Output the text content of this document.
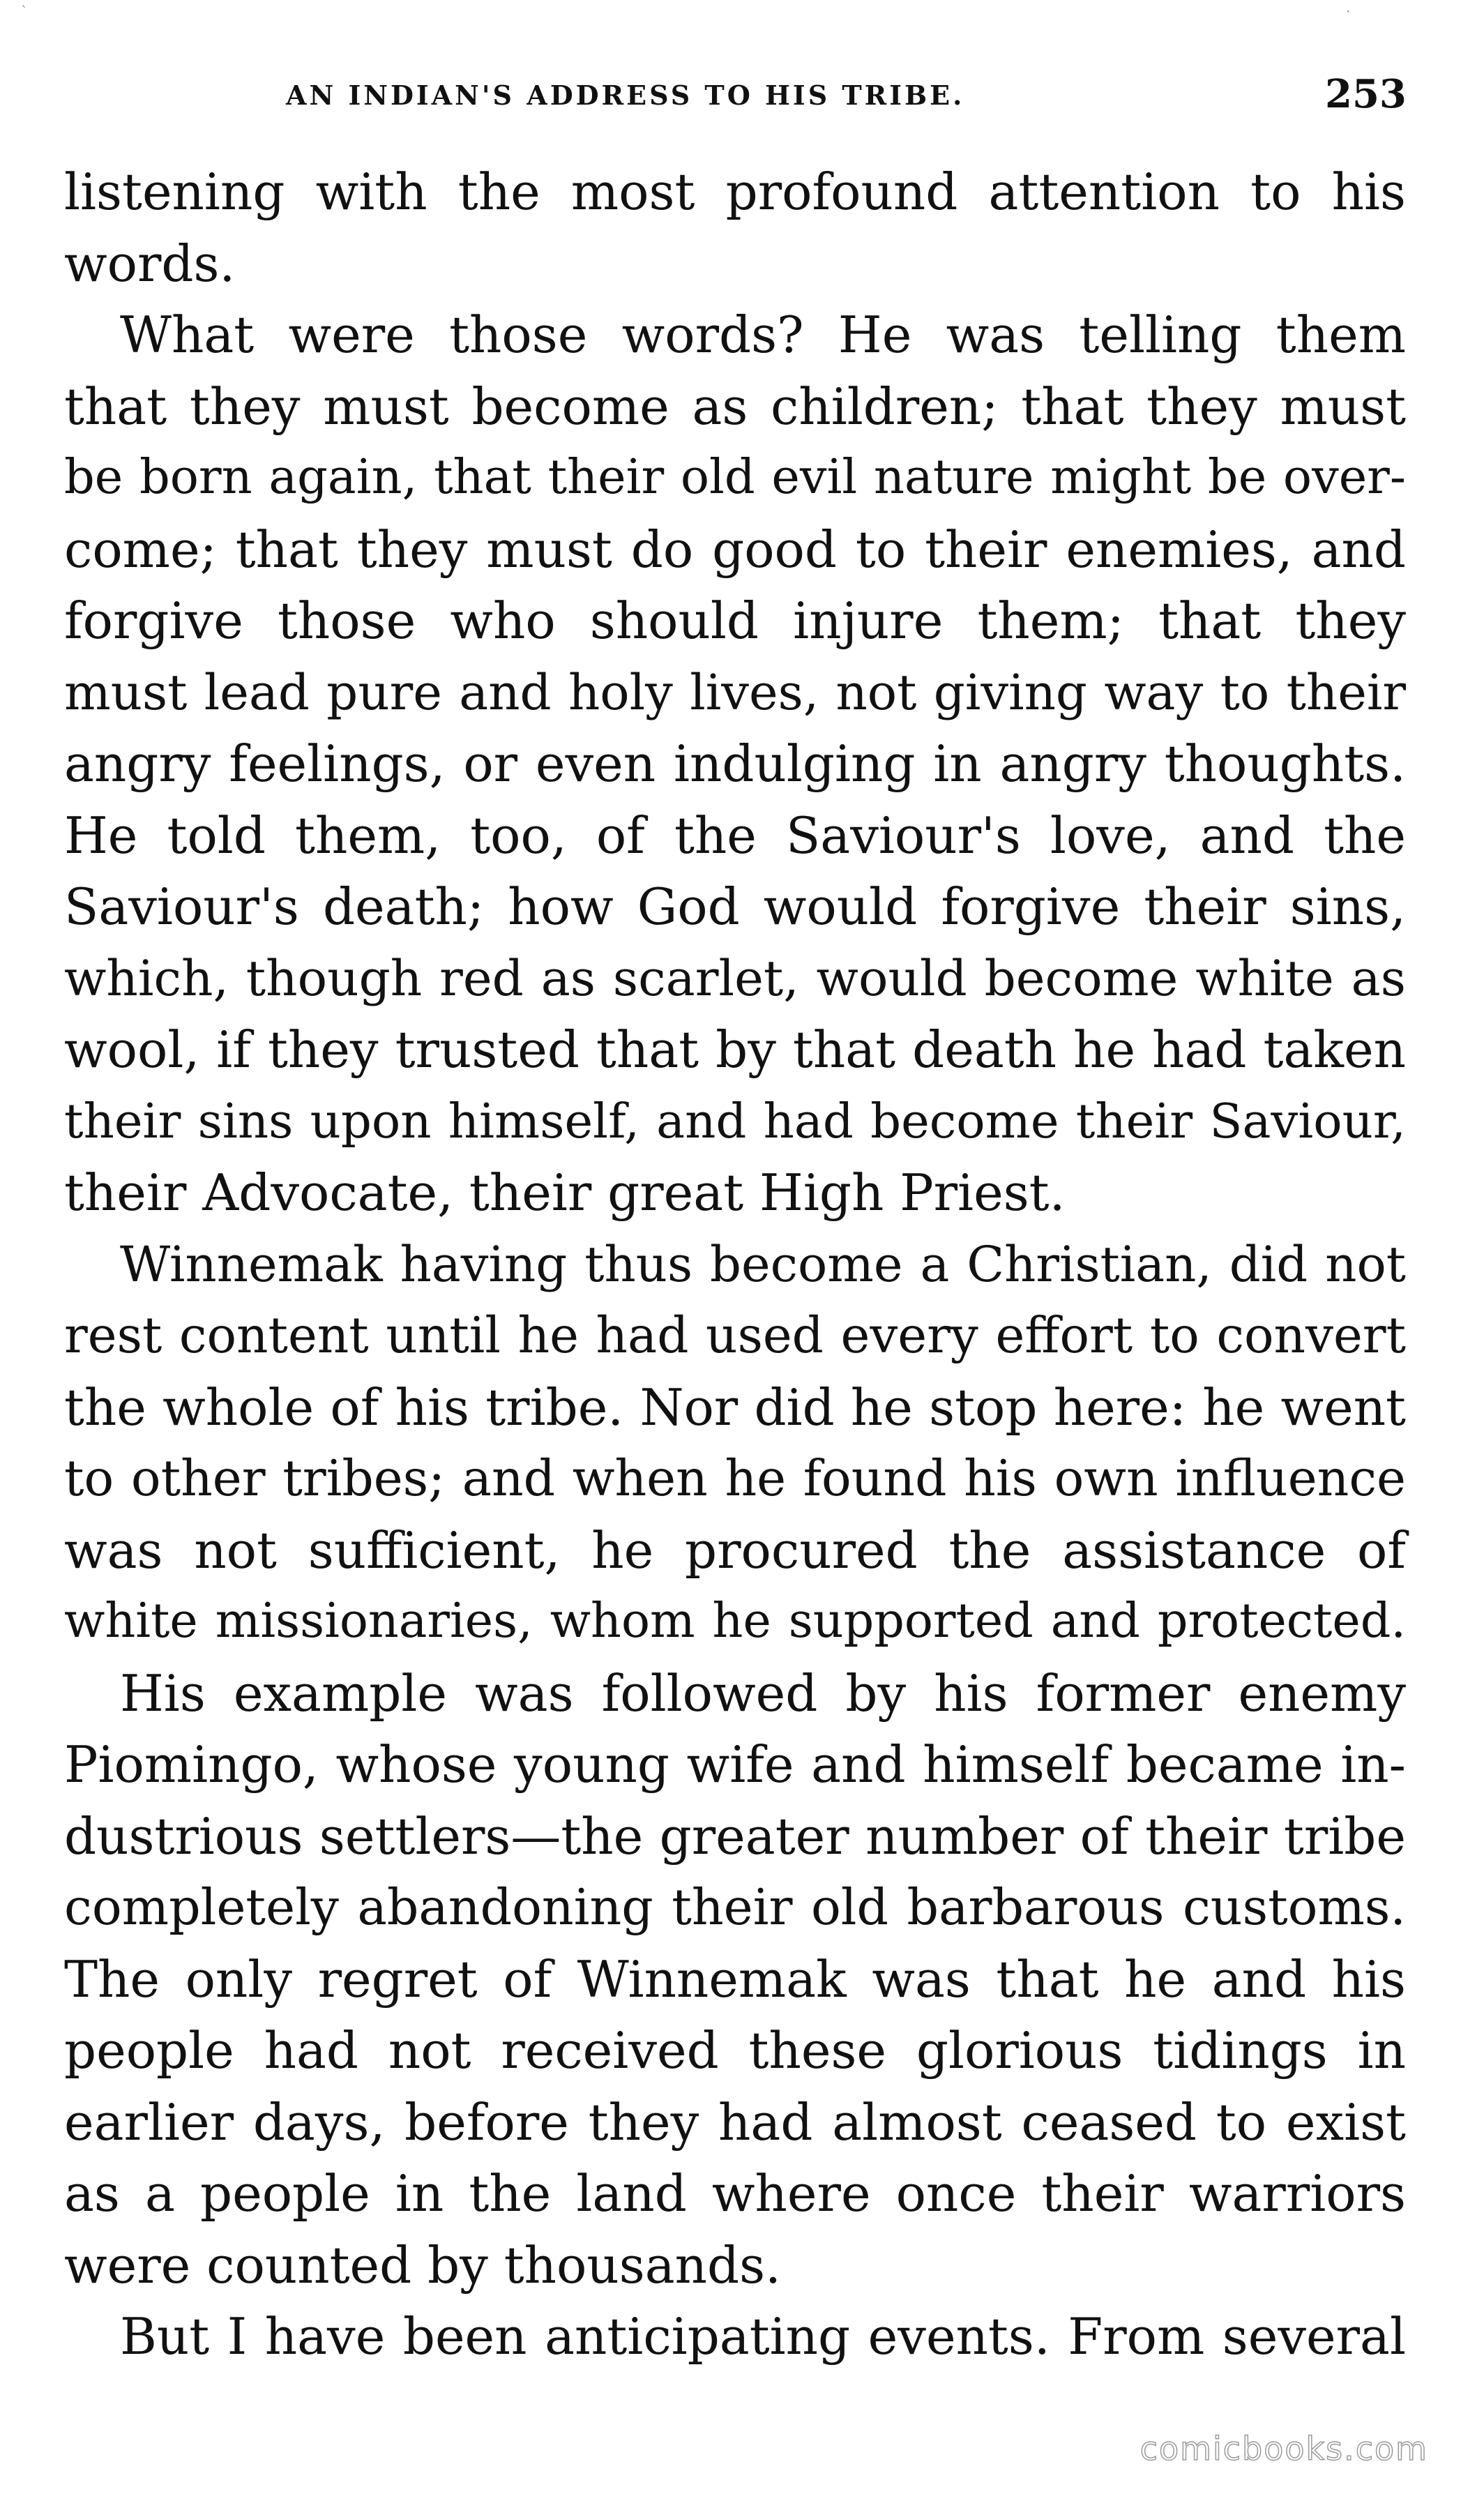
`	·
AN INDIAN'S ADDRESS TO HIS TRIBE.	253
listening with the most profound attention to his
words.
What were those words? He was telling them
that they must become as children; that they must
be born again, that their old evil nature might be over-
come; that they must do good to their enemies, and
forgive those who should injure them; that they
must lead pure and holy lives, not giving way to their
angry feelings, or even indulging in angry thoughts.
He told them, too, of the Saviour's love, and the
Saviour's death; how God would forgive their sins,
which, though red as scarlet, would become white as
wool, if they trusted that by that death he had taken
their sins upon himself, and had become their Saviour,
their Advocate, their great High Priest.
Winnemak having thus become a Christian, did not
rest content until he had used every effort to convert
the whole of his tribe. Nor did he stop here: he went
to other tribes; and when he found his own influence
was not sufficient, he procured the assistance of
white missionaries, whom he supported and protected.
His example was followed by his former enemy
Piomingo, whose young wife and himself became in-
dustrious settlers—the greater number of their tribe
completely abandoning their old barbarous customs.
The only regret of Winnemak was that he and his
people had not received these glorious tidings in
earlier days, before they had almost ceased to exist
as a people in the land where once their warriors
were counted by thousands.
But I have been anticipating events. From several
comicbooks.com
